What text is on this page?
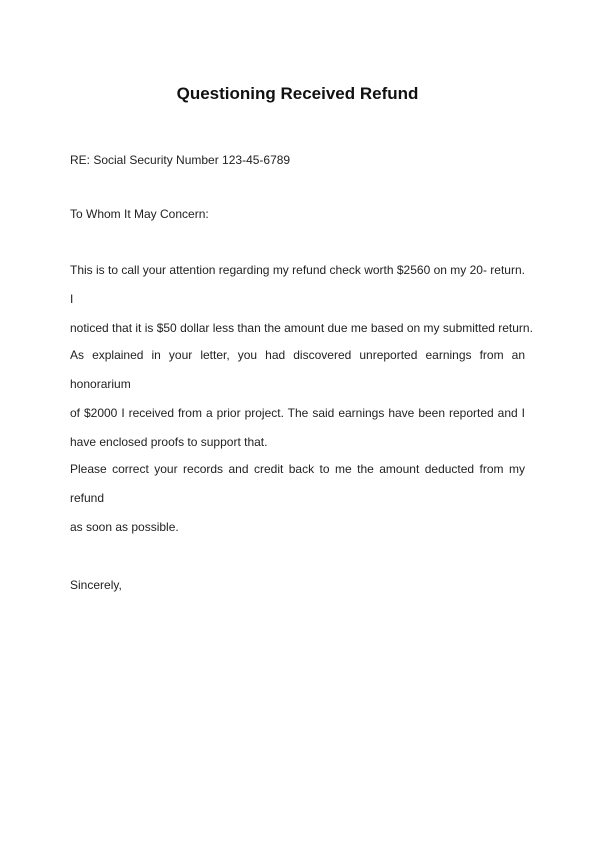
Questioning Received Refund

RE: Social Security Number 123-45-6789

To Whom It May Concern:

This is to call your attention regarding my refund check worth $2560 on my 20- return. I
noticed that it is $50 dollar less than the amount due me based on my submitted return.

As explained in your letter, you had discovered unreported earnings from an honorarium
of $2000 I received from a prior project. The said earnings have been reported and I
have enclosed proofs to support that.

Please correct your records and credit back to me the amount deducted from my refund
as soon as possible.

Sincerely,
